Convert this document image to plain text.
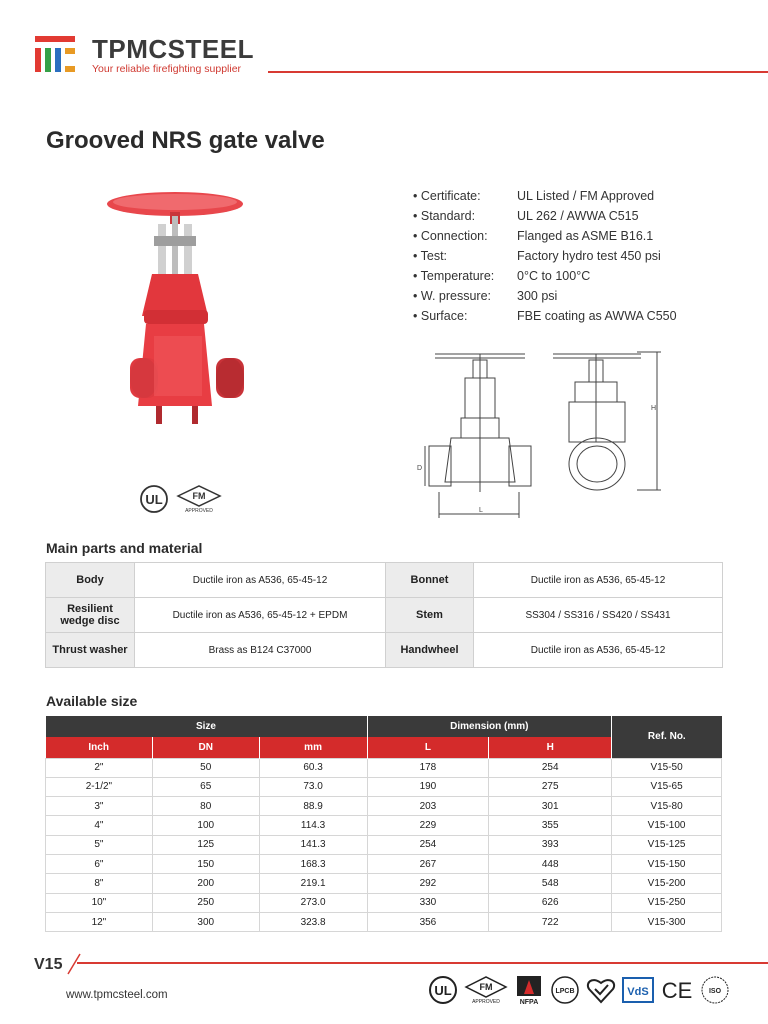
TPMCSTEEL
Your reliable firefighting supplier
Grooved NRS gate valve
UL	FM
APPROVED
• Certificate:	UL Listed / FM Approved
• Standard:	UL 262 / AWWA C515
• Connection:	Flanged as ASME B16.1
• Test:	Factory hydro test 450 psi
• Temperature:	0°C to 100°C
• W. pressure:	300 psi
• Surface:	FBE coating as AWWA C550
L
D
H
Main parts and material
Body	Ductile iron as A536, 65-45-12	Bonnet	Ductile iron as A536, 65-45-12
Resilient
wedge disc	Ductile iron as A536, 65-45-12 + EPDM	Stem	SS304 / SS316 / SS420 / SS431
Thrust washer	Brass as B124 C37000	Handwheel	Ductile iron as A536, 65-45-12
Available size
Size			Dimension (mm)		Ref. No.
Inch	DN	mm	L	H	
2"	50	60.3	178	254	V15-50
2-1/2"	65	73.0	190	275	V15-65
3"	80	88.9	203	301	V15-80
4"	100	114.3	229	355	V15-100
5"	125	141.3	254	393	V15-125
6"	150	168.3	267	448	V15-150
8"	200	219.1	292	548	V15-200
10"	250	273.0	330	626	V15-250
12"	300	323.8	356	722	V15-300
V15
www.tpmcsteel.com	UL	FM
APPROVED	NFPA
LPCB	VdS CE ISO
